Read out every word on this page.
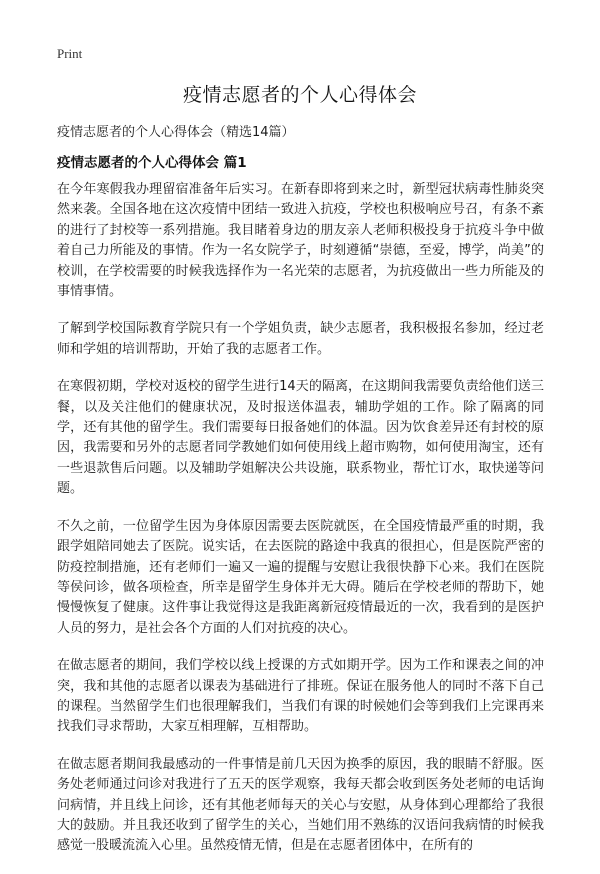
Print
疫情志愿者的个人心得体会

疫情志愿者的个人心得体会（精选14篇）

疫情志愿者的个人心得体会 篇1

在今年寒假我办理留宿准备年后实习。在新春即将到来之时，新型冠状病毒性肺炎突然来袭。全国各地在这次疫情中团结一致进入抗疫，学校也积极响应号召，有条不紊的进行了封校等一系列措施。我目睹着身边的朋友亲人老师积极投身于抗疫斗争中做着自己力所能及的事情。作为一名女院学子，时刻遵循“崇德，至爱，博学，尚美”的校训，在学校需要的时候我选择作为一名光荣的志愿者，为抗疫做出一些力所能及的事情事情。

了解到学校国际教育学院只有一个学姐负责，缺少志愿者，我积极报名参加，经过老师和学姐的培训帮助，开始了我的志愿者工作。

在寒假初期，学校对返校的留学生进行14天的隔离，在这期间我需要负责给他们送三餐，以及关注他们的健康状况，及时报送体温表，辅助学姐的工作。除了隔离的同学，还有其他的留学生。我们需要每日报备她们的体温。因为饮食差异还有封校的原因，我需要和另外的志愿者同学教她们如何使用线上超市购物，如何使用淘宝，还有一些退款售后问题。以及辅助学姐解决公共设施，联系物业，帮忙订水，取快递等问题。

不久之前，一位留学生因为身体原因需要去医院就医，在全国疫情最严重的时期，我跟学姐陪同她去了医院。说实话，在去医院的路途中我真的很担心，但是医院严密的防疫控制措施，还有老师们一遍又一遍的提醒与安慰让我很快静下心来。我们在医院等侯问诊，做各项检查，所幸是留学生身体并无大碍。随后在学校老师的帮助下，她慢慢恢复了健康。这件事让我觉得这是我距离新冠疫情最近的一次，我看到的是医护人员的努力，是社会各个方面的人们对抗疫的决心。

在做志愿者的期间，我们学校以线上授课的方式如期开学。因为工作和课表之间的冲突，我和其他的志愿者以课表为基础进行了排班。保证在服务他人的同时不落下自己的课程。当然留学生们也很理解我们，当我们有课的时候她们会等到我们上完课再来找我们寻求帮助，大家互相理解，互相帮助。

在做志愿者期间我最感动的一件事情是前几天因为换季的原因，我的眼睛不舒服。医务处老师通过问诊对我进行了五天的医学观察，我每天都会收到医务处老师的电话询问病情，并且线上问诊，还有其他老师每天的关心与安慰，从身体到心理都给了我很大的鼓励。并且我还收到了留学生的关心，当她们用不熟练的汉语问我病情的时候我感觉一股暖流流入心里。虽然疫情无情，但是在志愿者团体中，在所有的
